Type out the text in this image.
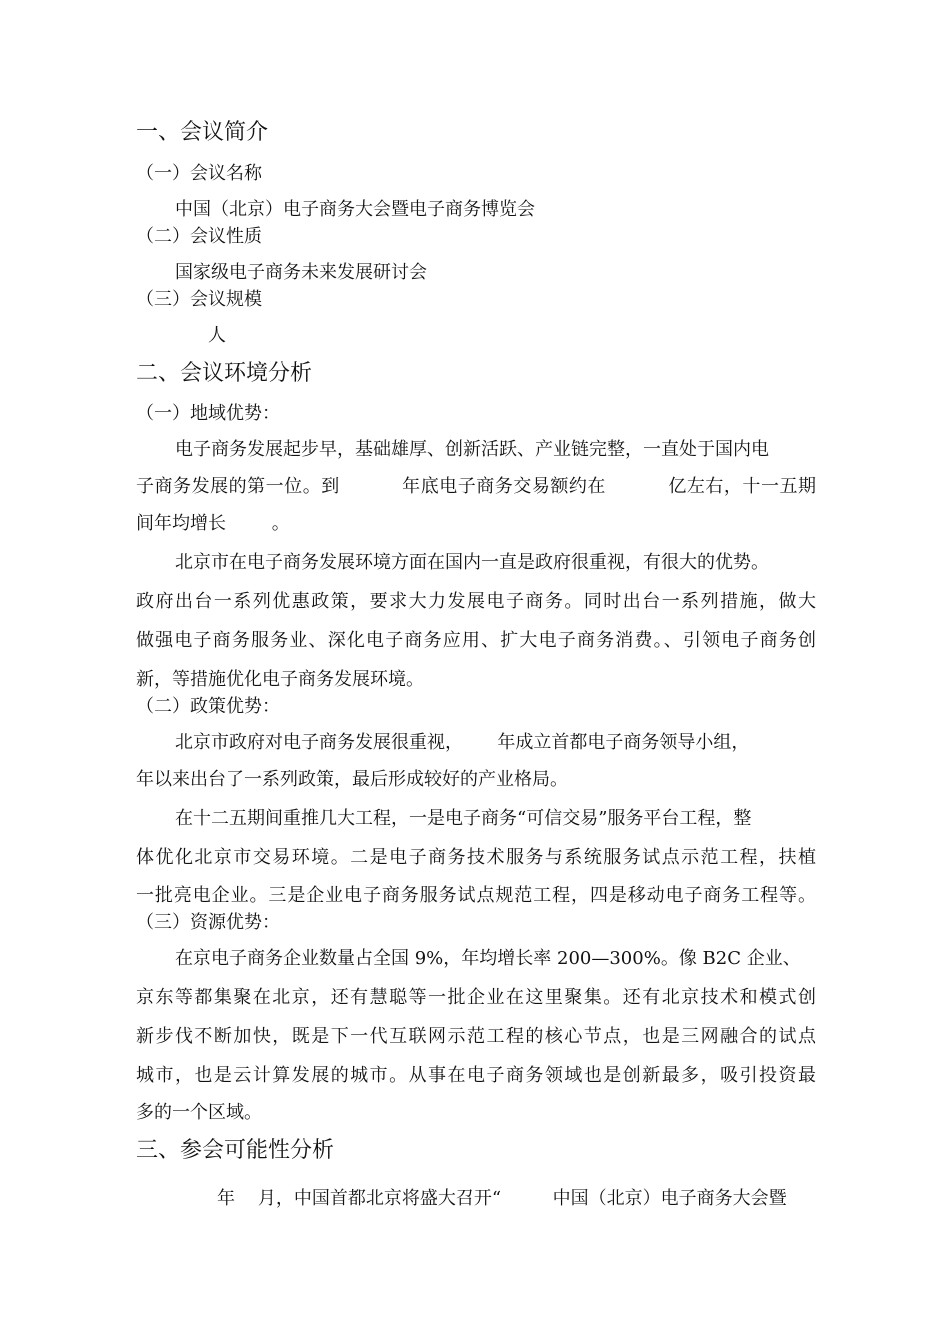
一、会议简介
（一）会议名称
中国（北京）电子商务大会暨电子商务博览会
（二）会议性质
国家级电子商务未来发展研讨会
（三）会议规模
人
二、会议环境分析
（一）地域优势：
电子商务发展起步早，基础雄厚、创新活跃、产业链完整，一直处于国内电
子商务发展的第一位。到          年底电子商务交易额约在          亿左右，十一五期
间年均增长        。
北京市在电子商务发展环境方面在国内一直是政府很重视，有很大的优势。
政府出台一系列优惠政策，要求大力发展电子商务。同时出台一系列措施，做大
做强电子商务服务业、深化电子商务应用、扩大电子商务消费。、引领电子商务创
新，等措施优化电子商务发展环境。
（二）政策优势：
北京市政府对电子商务发展很重视，      年成立首都电子商务领导小组，
年以来出台了一系列政策，最后形成较好的产业格局。
在十二五期间重推几大工程，一是电子商务“可信交易”服务平台工程，整
体优化北京市交易环境。二是电子商务技术服务与系统服务试点示范工程，扶植
一批亮电企业。三是企业电子商务服务试点规范工程，四是移动电子商务工程等。
（三）资源优势：
在京电子商务企业数量占全国 9%，年均增长率 200—300%。像 B2C 企业、
京东等都集聚在北京，还有慧聪等一批企业在这里聚集。还有北京技术和模式创
新步伐不断加快，既是下一代互联网示范工程的核心节点，也是三网融合的试点
城市，也是云计算发展的城市。从事在电子商务领域也是创新最多，吸引投资最
多的一个区域。
三、参会可能性分析
年    月，中国首都北京将盛大召开“         中国（北京）电子商务大会暨
